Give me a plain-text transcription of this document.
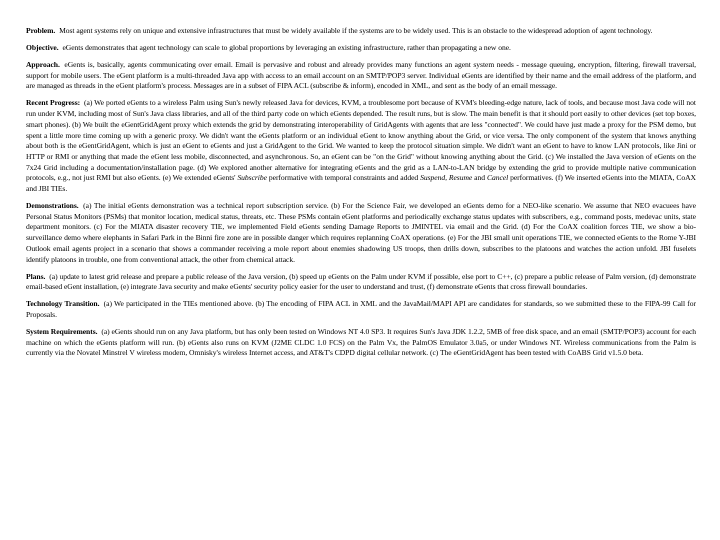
Problem. Most agent systems rely on unique and extensive infrastructures that must be widely available if the systems are to be widely used. This is an obstacle to the widespread adoption of agent technology.

Objective. eGents demonstrates that agent technology can scale to global proportions by leveraging an existing infrastructure, rather than propagating a new one.

Approach. eGents is, basically, agents communicating over email. Email is pervasive and robust and already provides many functions an agent system needs - message queuing, encryption, filtering, firewall traversal, support for mobile users. The eGent platform is a multi-threaded Java app with access to an email account on an SMTP/POP3 server. Individual eGents are identified by their name and the email address of the platform, and are managed as threads in the eGent platform's process. Messages are in a subset of FIPA ACL (subscribe & inform), encoded in XML, and sent as the body of an email message.

Recent Progress: (a) We ported eGents to a wireless Palm using Sun's newly released Java for devices, KVM, a troublesome port because of KVM's bleeding-edge nature, lack of tools, and because most Java code will not run under KVM, including most of Sun's Java class libraries, and all of the third party code on which eGents depended. The result runs, but is slow. The main benefit is that it should port easily to other devices (set top boxes, smart phones). (b) We built the eGentGridAgent proxy which extends the grid by demonstrating interoperability of GridAgents with agents that are less "connected". We could have just made a proxy for the PSM demo, but spent a little more time coming up with a generic proxy. We didn't want the eGents platform or an individual eGent to know anything about the Grid, or vice versa. The only component of the system that knows anything about both is the eGentGridAgent, which is just an eGent to eGents and just a GridAgent to the Grid. We wanted to keep the protocol situation simple. We didn't want an eGent to have to know LAN protocols, like Jini or HTTP or RMI or anything that made the eGent less mobile, disconnected, and asynchronous. So, an eGent can be "on the Grid" without knowing anything about the Grid. (c) We installed the Java version of eGents on the 7x24 Grid including a documentation/installation page. (d) We explored another alternative for integrating eGents and the grid as a LAN-to-LAN bridge by extending the grid to provide multiple native communication protocols, e.g., not just RMI but also eGents. (e) We extended eGents' Subscribe performative with temporal constraints and added Suspend, Resume and Cancel performatives. (f) We inserted eGents into the MIATA, CoAX and JBI TIEs.

Demonstrations. (a) The initial eGents demonstration was a technical report subscription service. (b) For the Science Fair, we developed an eGents demo for a NEO-like scenario. We assume that NEO evacuees have Personal Status Monitors (PSMs) that monitor location, medical status, threats, etc. These PSMs contain eGent platforms and periodically exchange status updates with subscribers, e.g., command posts, medevac units, state department monitors. (c) For the MIATA disaster recovery TIE, we implemented Field eGents sending Damage Reports to JMINTEL via email and the Grid. (d) For the CoAX coalition forces TIE, we show a bio-surveillance demo where elephants in Safari Park in the Binni fire zone are in possible danger which requires replanning CoAX operations. (e) For the JBI small unit operations TIE, we connected eGents to the Rome Y-JBI Outlook email agents project in a scenario that shows a commander receiving a mole report about enemies shadowing US troops, then drills down, subscribes to the platoons and watches the action unfold. JBI fuselets identify platoons in trouble, one from conventional attack, the other from chemical attack.

Plans. (a) update to latest grid release and prepare a public release of the Java version, (b) speed up eGents on the Palm under KVM if possible, else port to C++, (c) prepare a public release of Palm version, (d) demonstrate email-based eGent installation, (e) integrate Java security and make eGents' security policy easier for the user to understand and trust, (f) demonstrate eGents that cross firewall boundaries.

Technology Transition. (a) We participated in the TIEs mentioned above. (b) The encoding of FIPA ACL in XML and the JavaMail/MAPI API are candidates for standards, so we submitted these to the FIPA-99 Call for Proposals.

System Requirements. (a) eGents should run on any Java platform, but has only been tested on Windows NT 4.0 SP3. It requires Sun's Java JDK 1.2.2, 5MB of free disk space, and an email (SMTP/POP3) account for each machine on which the eGents platform will run. (b) eGents also runs on KVM (J2ME CLDC 1.0 FCS) on the Palm Vx, the PalmOS Emulator 3.0a5, or under Windows NT. Wireless communications from the Palm is currently via the Novatel Minstrel V wireless modem, Omnisky's wireless Internet access, and AT&T's CDPD digital cellular network. (c) The eGentGridAgent has been tested with CoABS Grid v1.5.0 beta.
